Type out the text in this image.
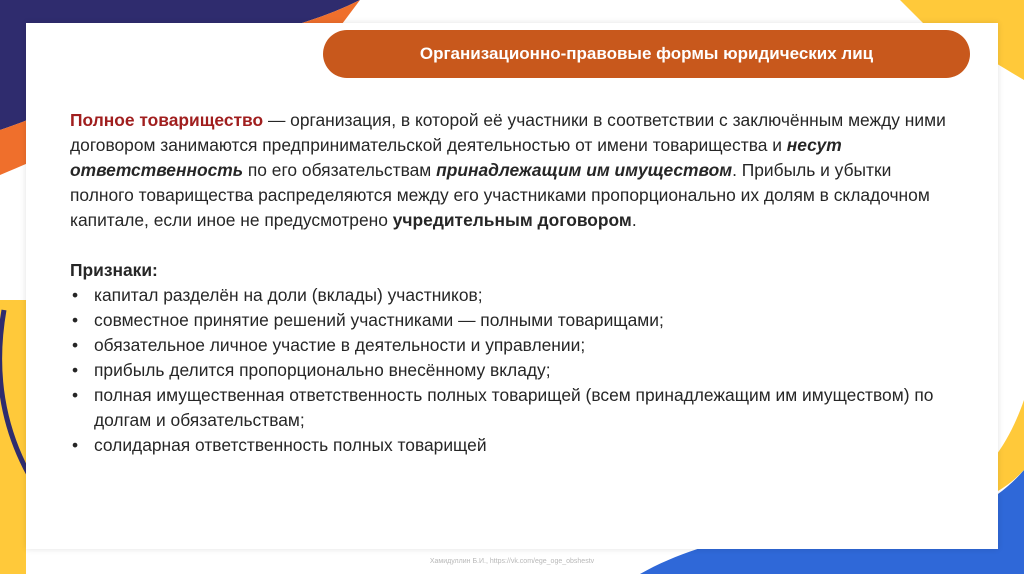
Организационно-правовые формы юридических лиц

Полное товарищество — организация, в которой её участники в соответствии с заключённым между ними договором занимаются предпринимательской деятельностью от имени товарищества и несут ответственность по его обязательствам принадлежащим им имуществом. Прибыль и убытки полного товарищества распределяются между его участниками пропорционально их долям в складочном капитале, если иное не предусмотрено учредительным договором.

Признаки:

• капитал разделён на доли (вклады) участников;
• совместное принятие решений участниками — полными товарищами;
• обязательное личное участие в деятельности и управлении;
• прибыль делится пропорционально внесённому вкладу;
• полная имущественная ответственность полных товарищей (всем принадлежащим им имуществом) по долгам и обязательствам;
• солидарная ответственность полных товарищей
Хамидуллин Б.И., https://vk.com/ege_oge_obshestv
